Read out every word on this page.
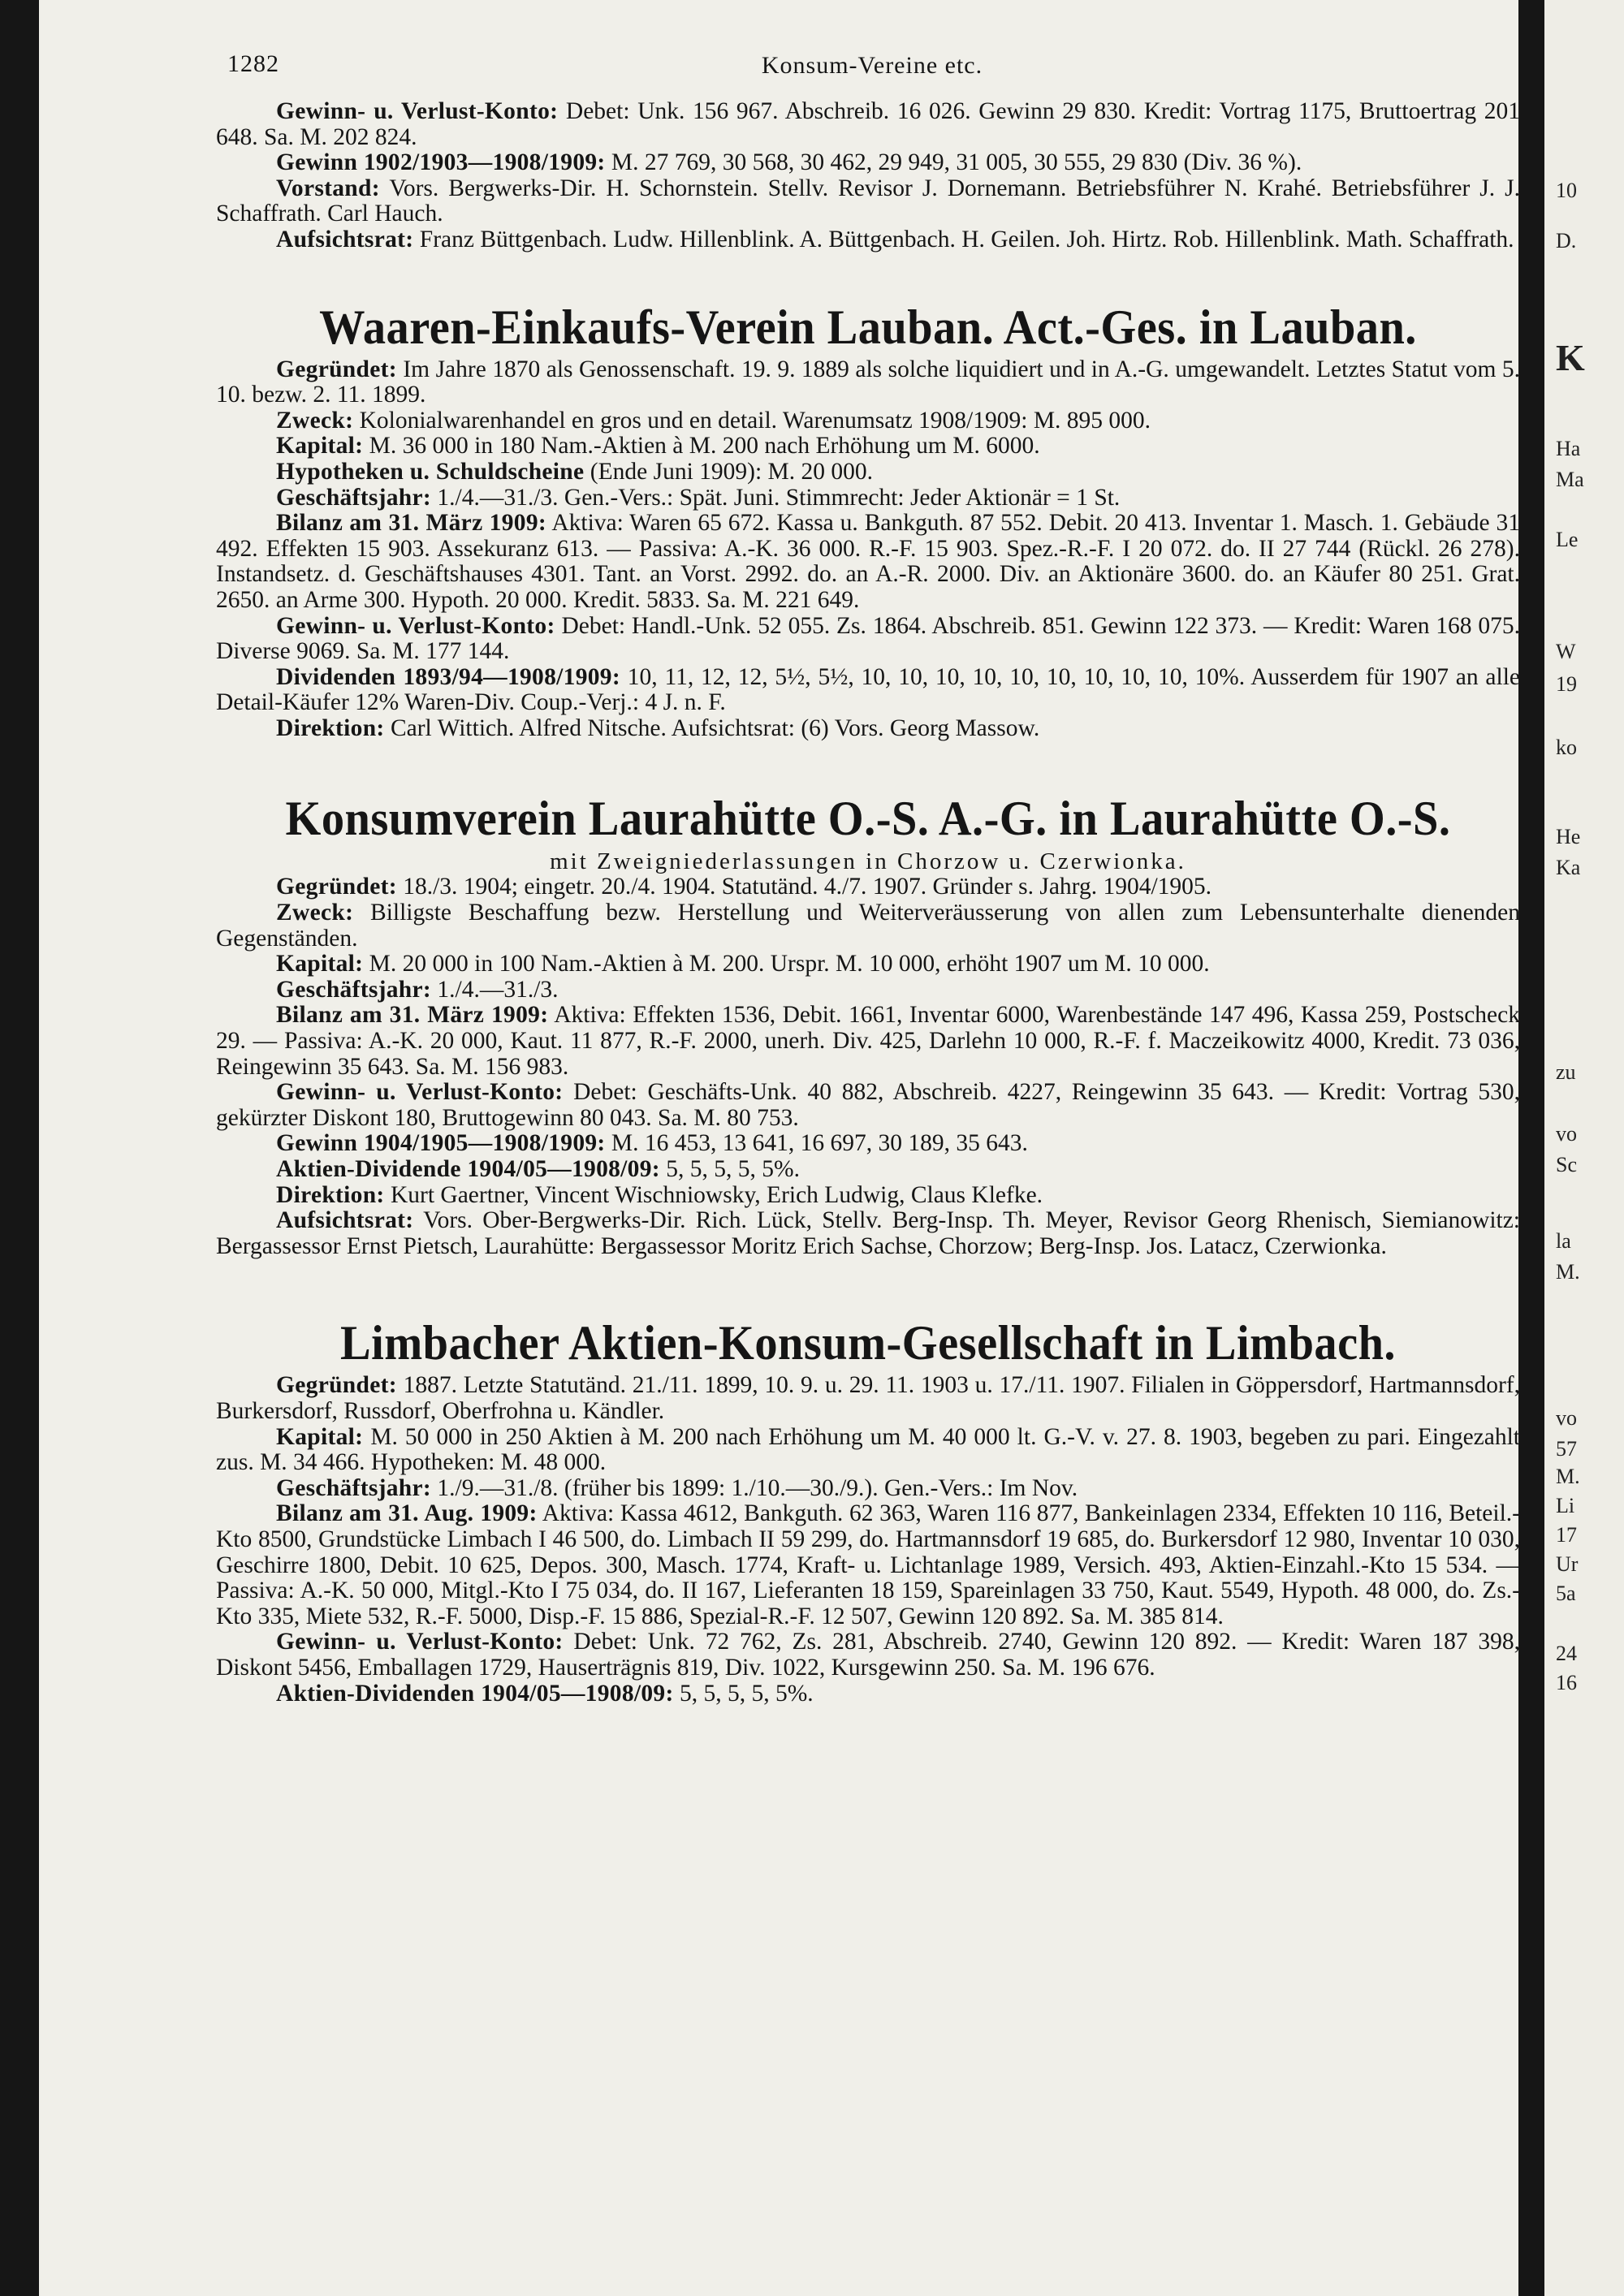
1282	Konsum-Vereine etc.

Gewinn- u. Verlust-Konto: Debet: Unk. 156 967. Abschreib. 16 026. Gewinn 29 830. Kredit: Vortrag 1175, Bruttoertrag 201 648. Sa. M. 202 824.

Gewinn 1902/1903—1908/1909: M. 27 769, 30 568, 30 462, 29 949, 31 005, 30 555, 29 830 (Div. 36 %).

Vorstand: Vors. Bergwerks-Dir. H. Schornstein. Stellv. Revisor J. Dornemann. Betriebsführer N. Krahé. Betriebsführer J. J. Schaffrath. Carl Hauch.

Aufsichtsrat: Franz Büttgenbach. Ludw. Hillenblink. A. Büttgenbach. H. Geilen. Joh. Hirtz. Rob. Hillenblink. Math. Schaffrath.

Waaren-Einkaufs-Verein Lauban. Act.-Ges. in Lauban.

Gegründet: Im Jahre 1870 als Genossenschaft. 19. 9. 1889 als solche liquidiert und in A.-G. umgewandelt. Letztes Statut vom 5. 10. bezw. 2. 11. 1899.

Zweck: Kolonialwarenhandel en gros und en detail. Warenumsatz 1908/1909: M. 895 000.

Kapital: M. 36 000 in 180 Nam.-Aktien à M. 200 nach Erhöhung um M. 6000.

Hypotheken u. Schuldscheine (Ende Juni 1909): M. 20 000.

Geschäftsjahr: 1./4.—31./3. Gen.-Vers.: Spät. Juni. Stimmrecht: Jeder Aktionär = 1 St.

Bilanz am 31. März 1909: Aktiva: Waren 65 672. Kassa u. Bankguth. 87 552. Debit. 20 413. Inventar 1. Masch. 1. Gebäude 31 492. Effekten 15 903. Assekuranz 613. — Passiva: A.-K. 36 000. R.-F. 15 903. Spez.-R.-F. I 20 072. do. II 27 744 (Rückl. 26 278). Instandsetz. d. Geschäftshauses 4301. Tant. an Vorst. 2992. do. an A.-R. 2000. Div. an Aktionäre 3600. do. an Käufer 80 251. Grat. 2650. an Arme 300. Hypoth. 20 000. Kredit. 5833. Sa. M. 221 649.

Gewinn- u. Verlust-Konto: Debet: Handl.-Unk. 52 055. Zs. 1864. Abschreib. 851. Gewinn 122 373. — Kredit: Waren 168 075. Diverse 9069. Sa. M. 177 144.

Dividenden 1893/94—1908/1909: 10, 11, 12, 12, 5½, 5½, 10, 10, 10, 10, 10, 10, 10, 10, 10, 10%. Ausserdem für 1907 an alle Detail-Käufer 12% Waren-Div. Coup.-Verj.: 4 J. n. F.

Direktion: Carl Wittich. Alfred Nitsche. Aufsichtsrat: (6) Vors. Georg Massow.

Konsumverein Laurahütte O.-S. A.-G. in Laurahütte O.-S.

mit Zweigniederlassungen in Chorzow u. Czerwionka.

Gegründet: 18./3. 1904; eingetr. 20./4. 1904. Statutänd. 4./7. 1907. Gründer s. Jahrg. 1904/1905.

Zweck: Billigste Beschaffung bezw. Herstellung und Weiterveräusserung von allen zum Lebensunterhalte dienenden Gegenständen.

Kapital: M. 20 000 in 100 Nam.-Aktien à M. 200. Urspr. M. 10 000, erhöht 1907 um M. 10 000.

Geschäftsjahr: 1./4.—31./3.

Bilanz am 31. März 1909: Aktiva: Effekten 1536, Debit. 1661, Inventar 6000, Warenbestände 147 496, Kassa 259, Postscheck 29. — Passiva: A.-K. 20 000, Kaut. 11 877, R.-F. 2000, unerh. Div. 425, Darlehn 10 000, R.-F. f. Maczeikowitz 4000, Kredit. 73 036, Reingewinn 35 643. Sa. M. 156 983.

Gewinn- u. Verlust-Konto: Debet: Geschäfts-Unk. 40 882, Abschreib. 4227, Reingewinn 35 643. — Kredit: Vortrag 530, gekürzter Diskont 180, Bruttogewinn 80 043. Sa. M. 80 753.

Gewinn 1904/1905—1908/1909: M. 16 453, 13 641, 16 697, 30 189, 35 643.

Aktien-Dividende 1904/05—1908/09: 5, 5, 5, 5, 5%.

Direktion: Kurt Gaertner, Vincent Wischniowsky, Erich Ludwig, Claus Klefke.

Aufsichtsrat: Vors. Ober-Bergwerks-Dir. Rich. Lück, Stellv. Berg-Insp. Th. Meyer, Revisor Georg Rhenisch, Siemianowitz: Bergassessor Ernst Pietsch, Laurahütte: Bergassessor Moritz Erich Sachse, Chorzow; Berg-Insp. Jos. Latacz, Czerwionka.

Limbacher Aktien-Konsum-Gesellschaft in Limbach.

Gegründet: 1887. Letzte Statutänd. 21./11. 1899, 10. 9. u. 29. 11. 1903 u. 17./11. 1907. Filialen in Göppersdorf, Hartmannsdorf, Burkersdorf, Russdorf, Oberfrohna u. Kändler.

Kapital: M. 50 000 in 250 Aktien à M. 200 nach Erhöhung um M. 40 000 lt. G.-V. v. 27. 8. 1903, begeben zu pari. Eingezahlt zus. M. 34 466. Hypotheken: M. 48 000.

Geschäftsjahr: 1./9.—31./8. (früher bis 1899: 1./10.—30./9.). Gen.-Vers.: Im Nov.

Bilanz am 31. Aug. 1909: Aktiva: Kassa 4612, Bankguth. 62 363, Waren 116 877, Bankeinlagen 2334, Effekten 10 116, Beteil.-Kto 8500, Grundstücke Limbach I 46 500, do. Limbach II 59 299, do. Hartmannsdorf 19 685, do. Burkersdorf 12 980, Inventar 10 030, Geschirre 1800, Debit. 10 625, Depos. 300, Masch. 1774, Kraft- u. Lichtanlage 1989, Versich. 493, Aktien-Einzahl.-Kto 15 534. — Passiva: A.-K. 50 000, Mitgl.-Kto I 75 034, do. II 167, Lieferanten 18 159, Spareinlagen 33 750, Kaut. 5549, Hypoth. 48 000, do. Zs.-Kto 335, Miete 532, R.-F. 5000, Disp.-F. 15 886, Spezial-R.-F. 12 507, Gewinn 120 892. Sa. M. 385 814.

Gewinn- u. Verlust-Konto: Debet: Unk. 72 762, Zs. 281, Abschreib. 2740, Gewinn 120 892. — Kredit: Waren 187 398, Diskont 5456, Emballagen 1729, Hauserträgnis 819, Div. 1022, Kursgewinn 250. Sa. M. 196 676.

Aktien-Dividenden 1904/05—1908/09: 5, 5, 5, 5, 5%.

10
D.
K
Ha
Ma
Le
W
19
ko
He
Ka
zu
vo
Sc
la
M.
vo
57
M.
Li
17
Ur
5a
24
16
